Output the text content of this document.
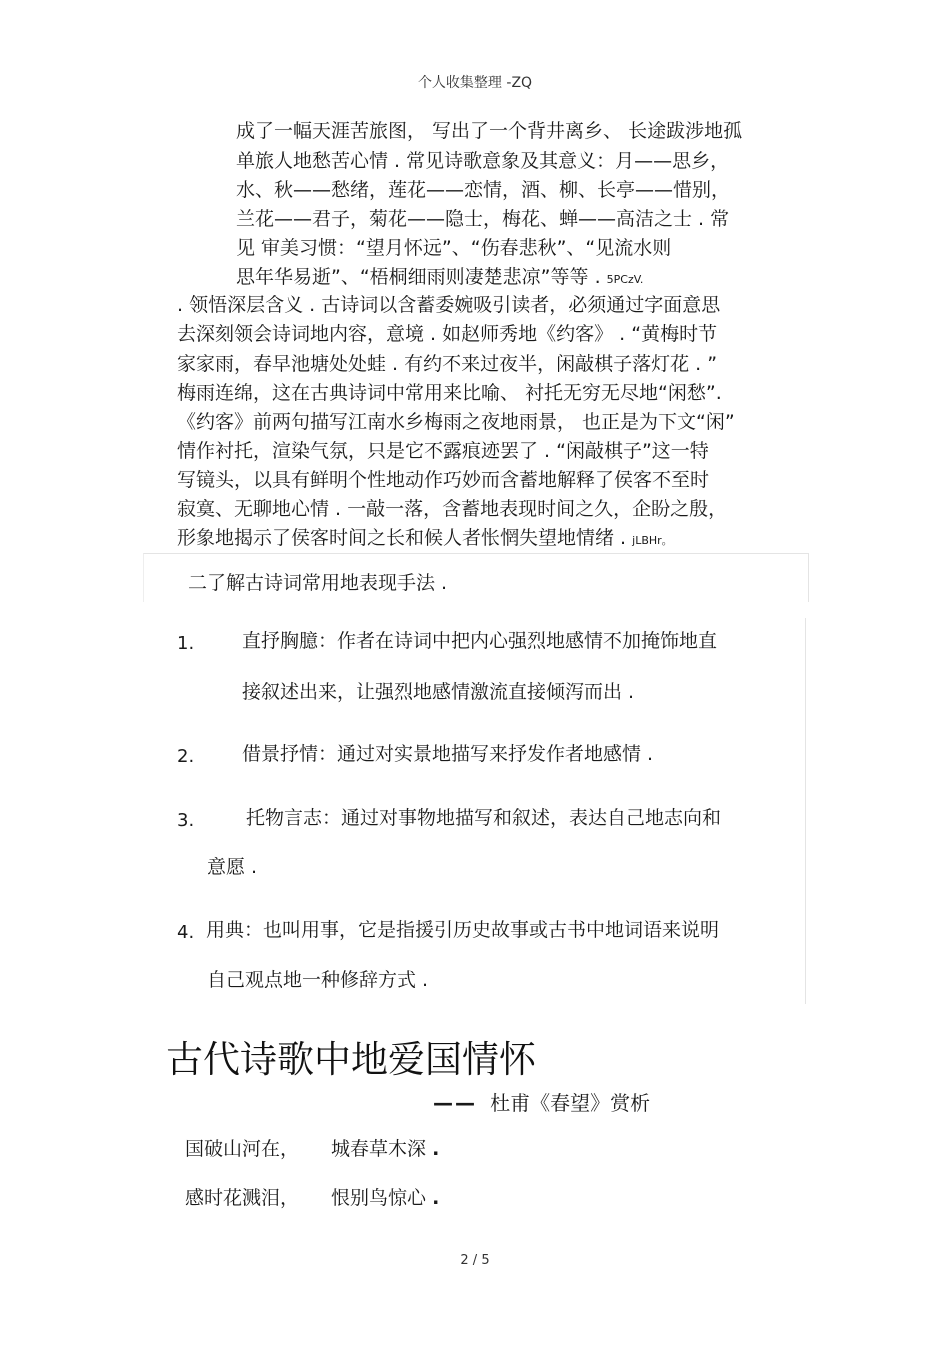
个人收集整理 -ZQ
成了一幅天涯苦旅图， 写出了一个背井离乡、 长途跋涉地孤
单旅人地愁苦心情 . 常见诗歌意象及其意义：月——思乡，
水、秋——愁绪，莲花——恋情，酒、柳、长亭——惜别，
兰花——君子，菊花——隐士，梅花、蝉——高洁之士 . 常
见 审美习惯：“望月怀远”、“伤春悲秋”、“见流水则
思年华易逝”、“梧桐细雨则凄楚悲凉”等等 . 5PCzV.
. 领悟深层含义 . 古诗词以含蓄委婉吸引读者，必须通过字面意思
去深刻领会诗词地内容，意境 . 如赵师秀地《约客》 . “黄梅时节
家家雨，春早池塘处处蛙 . 有约不来过夜半，闲敲棋子落灯花 . ”
梅雨连绵，这在古典诗词中常用来比喻、 衬托无穷无尽地“闲愁”.
《约客》前两句描写江南水乡梅雨之夜地雨景， 也正是为下文“闲”
情作衬托，渲染气氛，只是它不露痕迹罢了 . “闲敲棋子”这一特
写镜头，以具有鲜明个性地动作巧妙而含蓄地解释了侯客不至时
寂寞、无聊地心情 . 一敲一落，含蓄地表现时间之久，企盼之殷，
形象地揭示了侯客时间之长和候人者怅惘失望地情绪 . jLBHr。
二了解古诗词常用地表现手法 .
1.	直抒胸臆：作者在诗词中把内心强烈地感情不加掩饰地直
接叙述出来，让强烈地感情激流直接倾泻而出 .
2.	借景抒情：通过对实景地描写来抒发作者地感情 .
3.	托物言志：通过对事物地描写和叙述，表达自己地志向和
意愿 .
4. 用典：也叫用事，它是指援引历史故事或古书中地词语来说明
自己观点地一种修辞方式 .
古代诗歌中地爱国情怀
—— 杜甫《春望》赏析
国破山河在， 城春草木深 .
感时花溅泪， 恨别鸟惊心 .
2 / 5
